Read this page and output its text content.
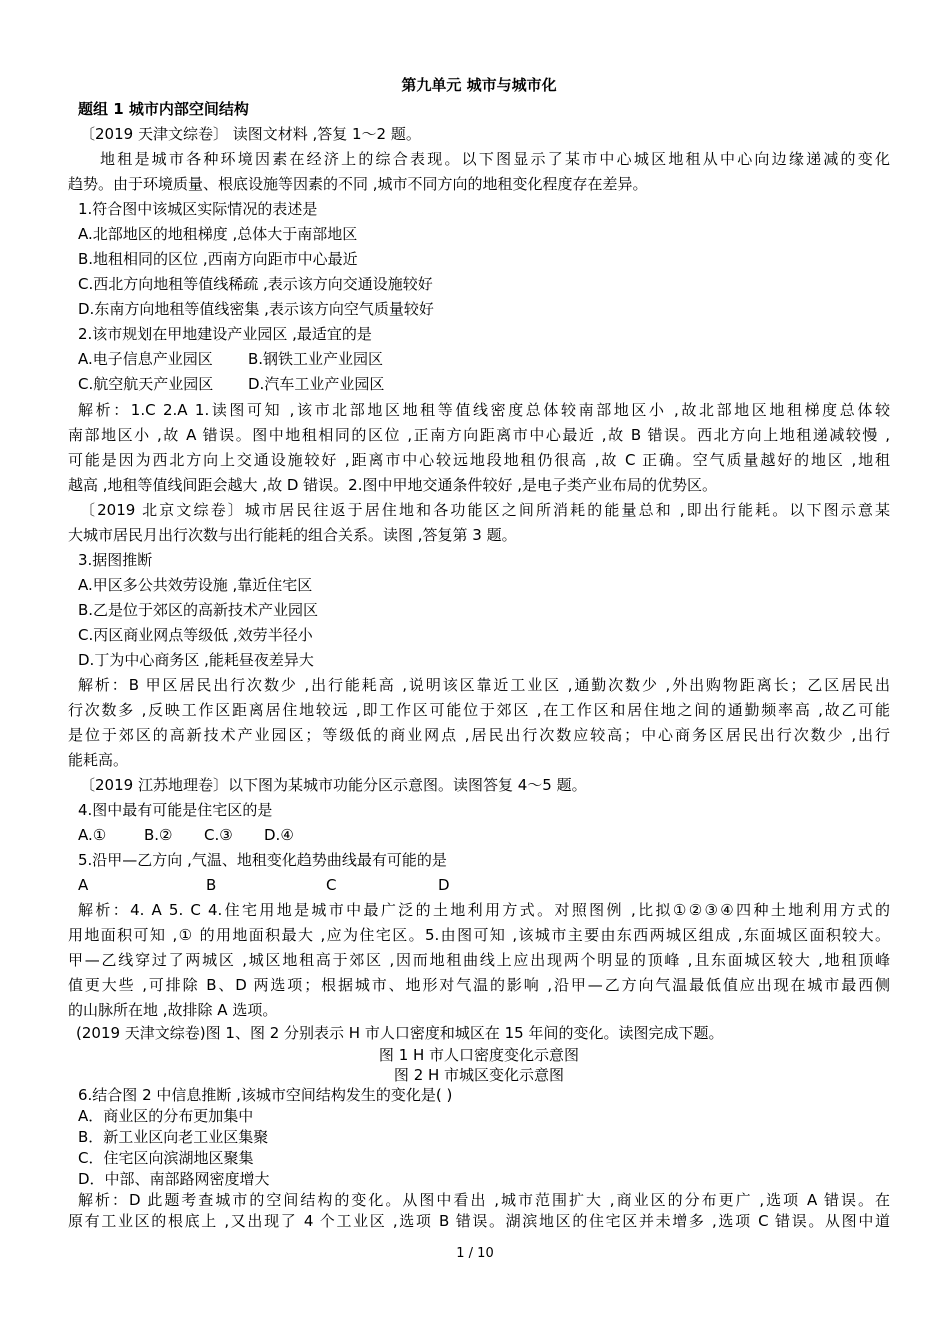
第九单元 城市与城市化
题组 1 城市内部空间结构
〔2019 天津文综卷〕 读图文材料 ,答复 1～2 题。
地租是城市各种环境因素在经济上的综合表现。以下图显示了某市中心城区地租从中心向边缘递减的变化
趋势。由于环境质量、根底设施等因素的不同 ,城市不同方向的地租变化程度存在差异。
1.符合图中该城区实际情况的表述是
A.北部地区的地租梯度 ,总体大于南部地区
B.地租相同的区位 ,西南方向距市中心最近
C.西北方向地租等值线稀疏 ,表示该方向交通设施较好
D.东南方向地租等值线密集 ,表示该方向空气质量较好
2.该市规划在甲地建设产业园区 ,最适宜的是
A.电子信息产业园区 B.钢铁工业产业园区
C.航空航天产业园区 D.汽车工业产业园区
解析：1.C 2.A 1.读图可知 ,该市北部地区地租等值线密度总体较南部地区小 ,故北部地区地租梯度总体较
南部地区小 ,故 A 错误。图中地租相同的区位 ,正南方向距离市中心最近 ,故 B 错误。西北方向上地租递减较慢 ,
可能是因为西北方向上交通设施较好 ,距离市中心较远地段地租仍很高 ,故 C 正确。空气质量越好的地区 ,地租
越高 ,地租等值线间距会越大 ,故 D 错误。2.图中甲地交通条件较好 ,是电子类产业布局的优势区。
〔2019 北京文综卷〕城市居民往返于居住地和各功能区之间所消耗的能量总和 ,即出行能耗。以下图示意某
大城市居民月出行次数与出行能耗的组合关系。读图 ,答复第 3 题。
3.据图推断
A.甲区多公共效劳设施 ,靠近住宅区
B.乙是位于郊区的高新技术产业园区
C.丙区商业网点等级低 ,效劳半径小
D.丁为中心商务区 ,能耗昼夜差异大
解析：B 甲区居民出行次数少 ,出行能耗高 ,说明该区靠近工业区 ,通勤次数少 ,外出购物距离长；乙区居民出
行次数多 ,反映工作区距离居住地较远 ,即工作区可能位于郊区 ,在工作区和居住地之间的通勤频率高 ,故乙可能
是位于郊区的高新技术产业园区；等级低的商业网点 ,居民出行次数应较高；中心商务区居民出行次数少 ,出行
能耗高。
〔2019 江苏地理卷〕以下图为某城市功能分区示意图。读图答复 4～5 题。
4.图中最有可能是住宅区的是
A.①	B.② C.③ D.④
5.沿甲—乙方向 ,气温、地租变化趋势曲线最有可能的是
A	B	C	D
解析：4. A 5. C 4.住宅用地是城市中最广泛的土地利用方式。对照图例 ,比拟①②③④四种土地利用方式的
用地面积可知 ,① 的用地面积最大 ,应为住宅区。5.由图可知 ,该城市主要由东西两城区组成 ,东面城区面积较大。
甲—乙线穿过了两城区 ,城区地租高于郊区 ,因而地租曲线上应出现两个明显的顶峰 ,且东面城区较大 ,地租顶峰
值更大些 ,可排除 B、D 两选项；根据城市、地形对气温的影响 ,沿甲—乙方向气温最低值应出现在城市最西侧
的山脉所在地 ,故排除 A 选项。
(2019 天津文综卷)图 1、图 2 分别表示 H 市人口密度和城区在 15 年间的变化。读图完成下题。
图 1 H 市人口密度变化示意图
图 2 H 市城区变化示意图
6.结合图 2 中信息推断 ,该城市空间结构发生的变化是( )
A．商业区的分布更加集中
B．新工业区向老工业区集聚
C．住宅区向滨湖地区聚集
D．中部、南部路网密度增大
解析：D 此题考查城市的空间结构的变化。从图中看出 ,城市范围扩大 ,商业区的分布更广 ,选项 A 错误。在
原有工业区的根底上 ,又出现了 4 个工业区 ,选项 B 错误。湖滨地区的住宅区并未增多 ,选项 C 错误。从图中道
1 / 10
